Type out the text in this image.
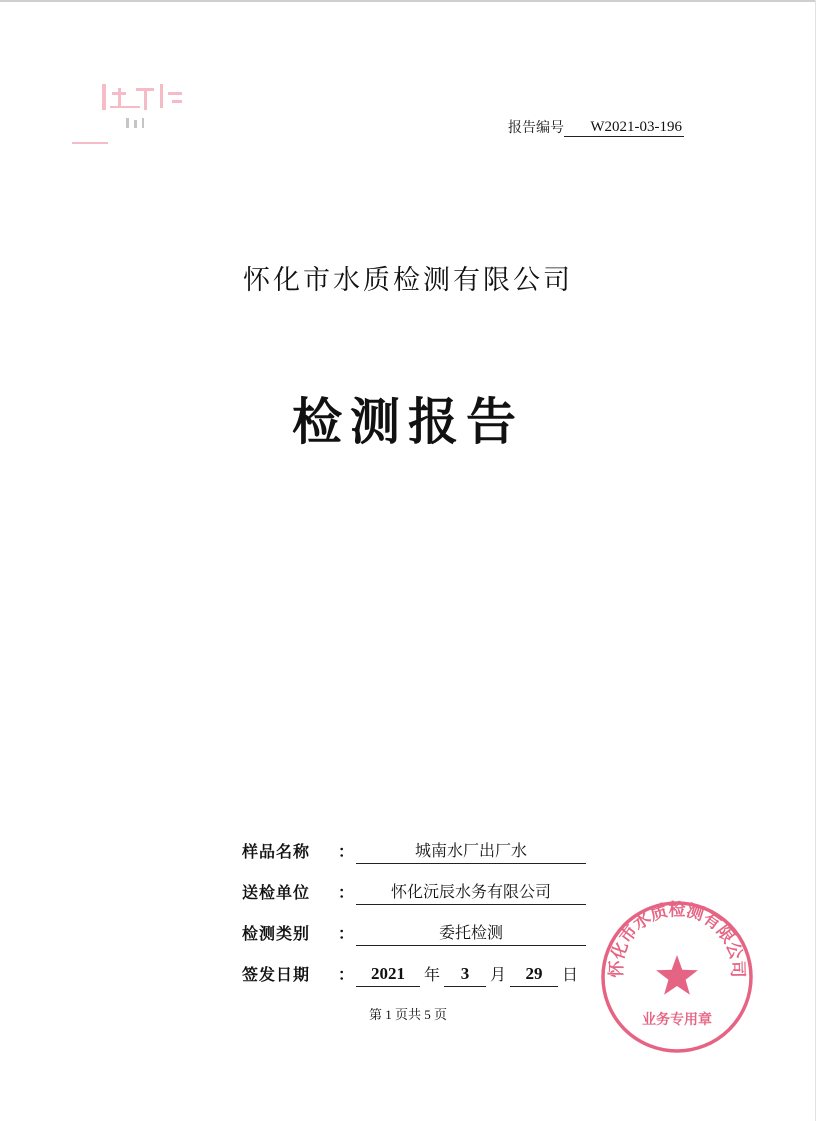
报告编号	W2021-03-196
怀化市水质检测有限公司
检测报告
样品名称	：	城南水厂出厂水
送检单位	：	怀化沅辰水务有限公司
检测类别	：	委托检测
签发日期	： 2021	年	3	月	29	日
第 1 页共 5 页
怀化市水质检测有限公司
业务专用章
